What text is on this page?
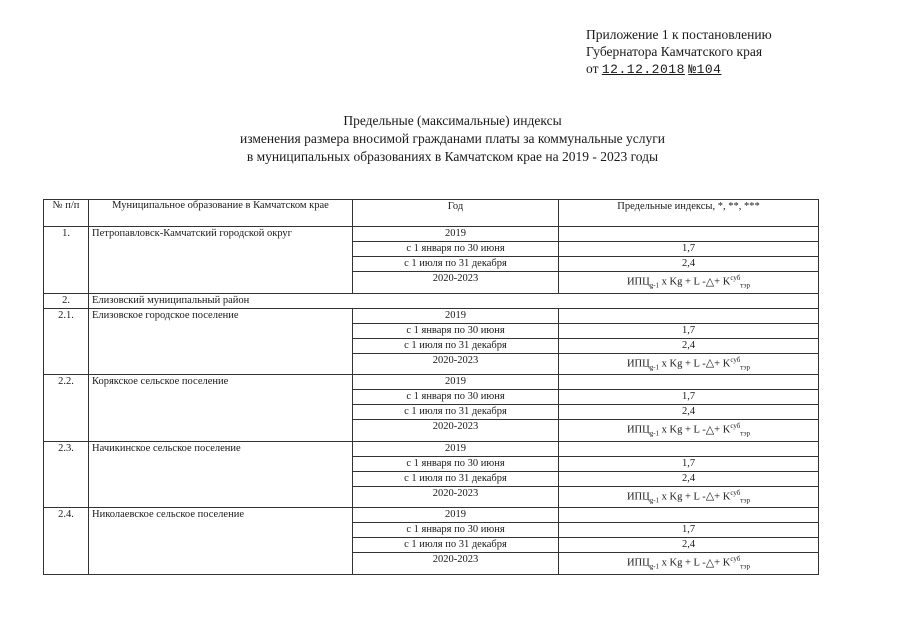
Приложение 1 к постановлению
Губернатора Камчатского края
от 12.12.2018 №104
Предельные (максимальные) индексы
изменения размера вносимой гражданами платы за коммунальные услуги
в муниципальных образованиях в Камчатском крае на 2019 - 2023 годы
№ п/п	Муниципальное образование в Камчатском крае	Год	Предельные индексы, *, **, ***
1.	Петропавловск-Камчатский городской округ	2019	
		с 1 января по 30 июня	1,7
		с 1 июля по 31 декабря	2,4
		2020-2023	$ИПЦ_{g-1}$ x Kg + L -△+ $K^{суб}_{тэр}$
2.	Елизовский муниципальный район		
2.1.	Елизовское городское поселение	2019	
		с 1 января по 30 июня	1,7
		с 1 июля по 31 декабря	2,4
		2020-2023	$ИПЦ_{g-1}$ x Kg + L -△+ $K^{суб}_{тэр}$
2.2.	Корякское сельское поселение	2019	
		с 1 января по 30 июня	1,7
		с 1 июля по 31 декабря	2,4
		2020-2023	$ИПЦ_{g-1}$ x Kg + L -△+ $K^{суб}_{тэр}$
2.3.	Начикинское сельское поселение	2019	
		с 1 января по 30 июня	1,7
		с 1 июля по 31 декабря	2,4
		2020-2023	$ИПЦ_{g-1}$ x Kg + L -△+ $K^{суб}_{тэр}$
2.4.	Николаевское сельское поселение	2019	
		с 1 января по 30 июня	1,7
		с 1 июля по 31 декабря	2,4
		2020-2023	$ИПЦ_{g-1}$ x Kg + L -△+ $K^{суб}_{тэр}$
